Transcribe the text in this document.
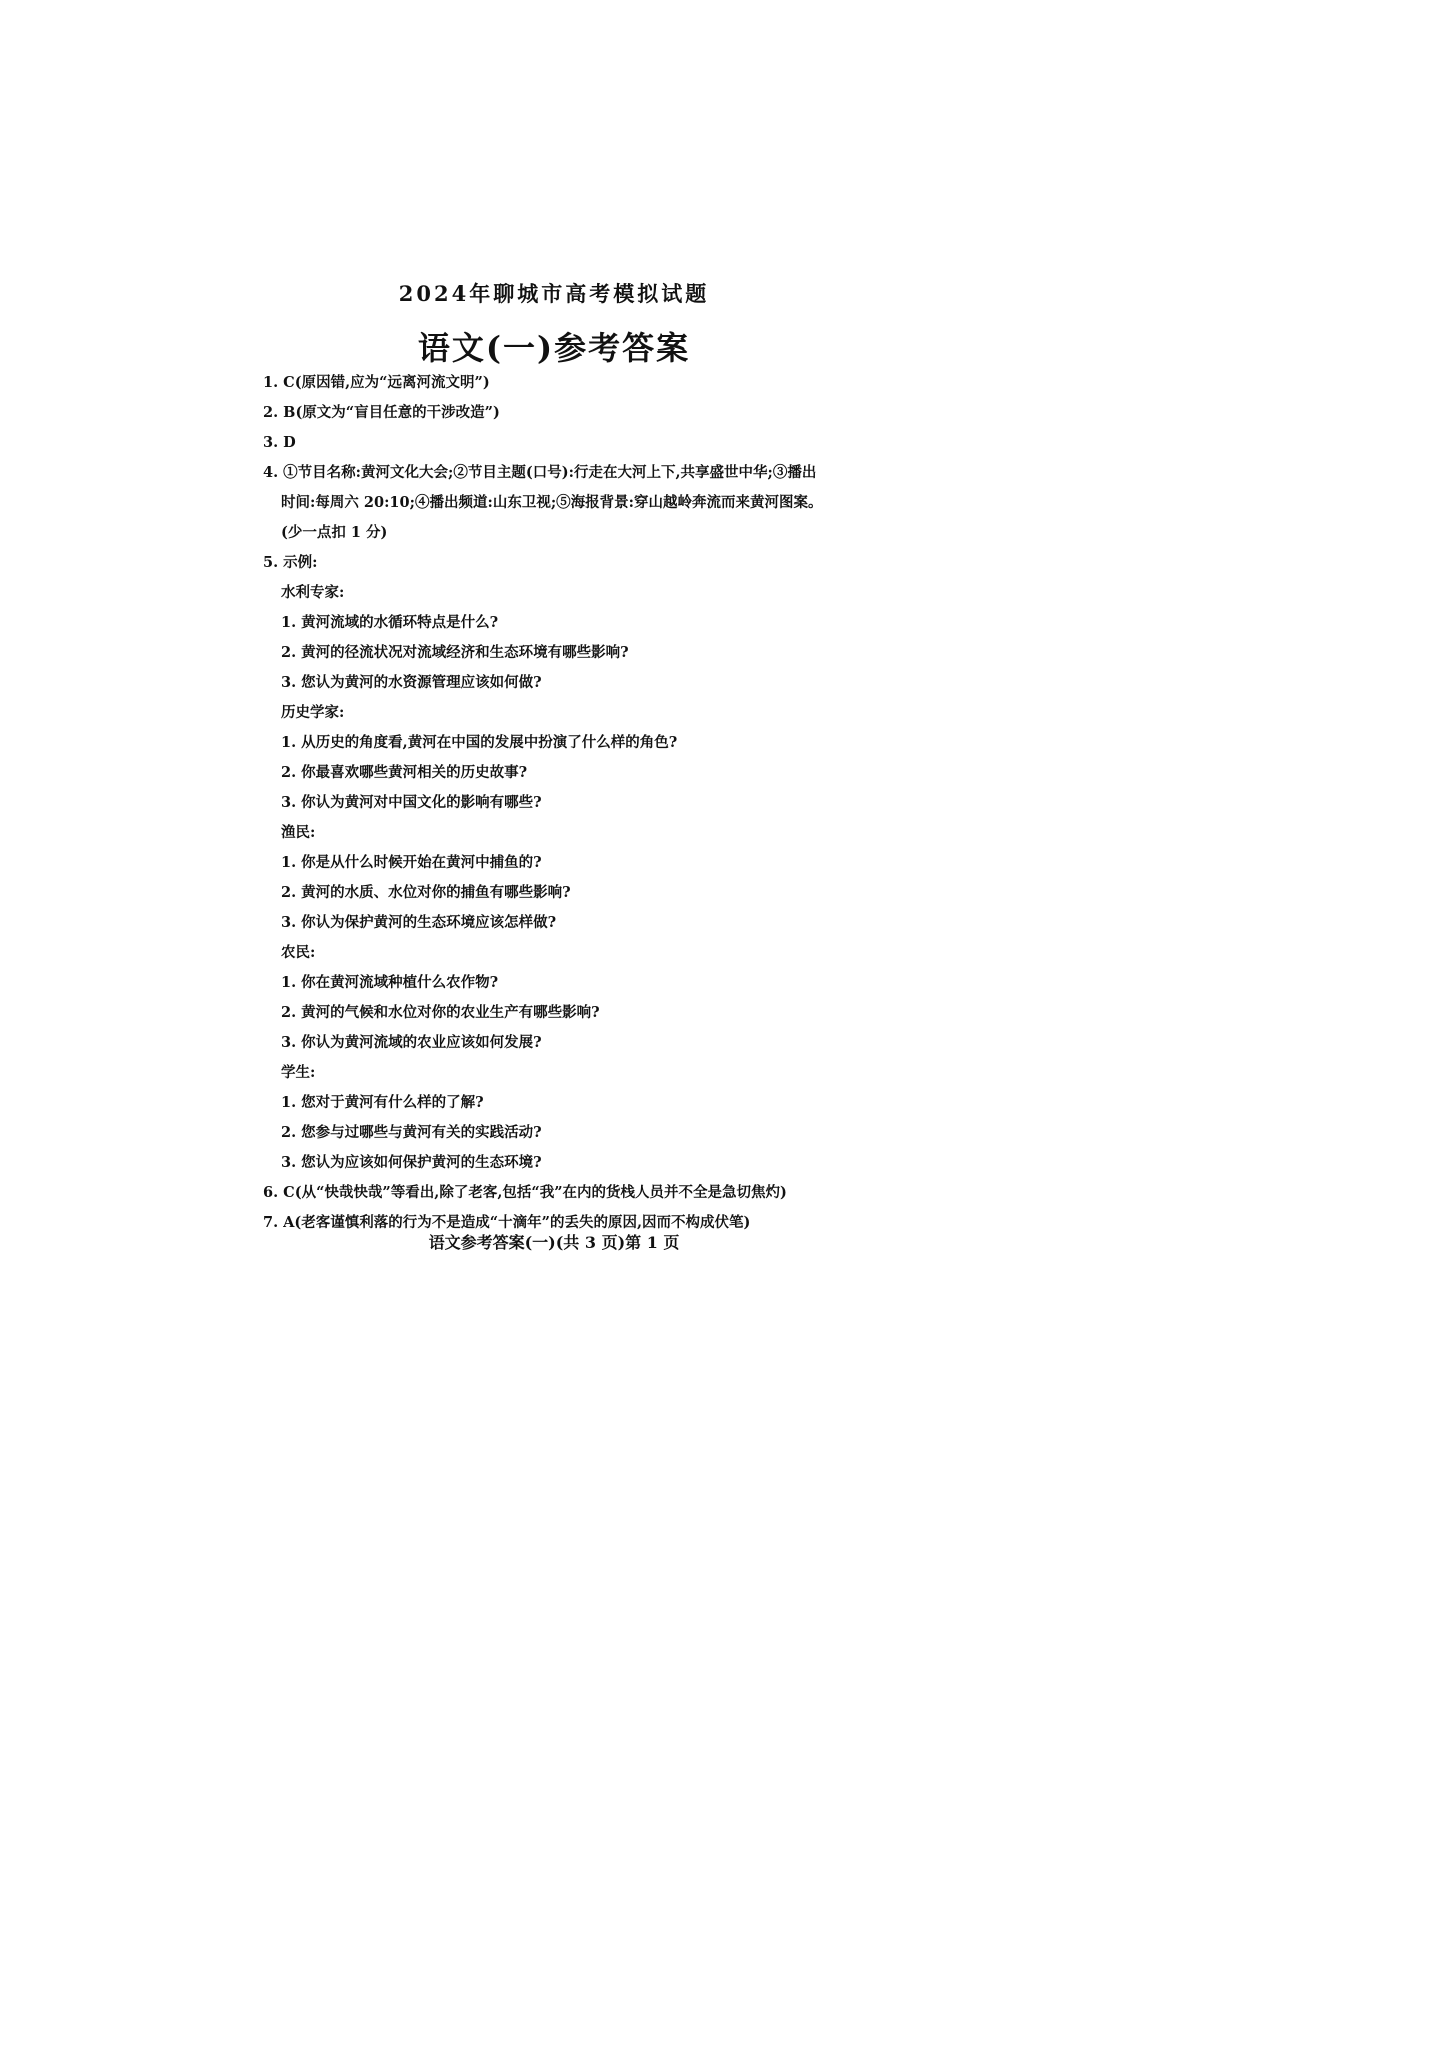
2024年聊城市高考模拟试题
语文(一)参考答案
1. C(原因错,应为“远离河流文明”)
2. B(原文为“盲目任意的干涉改造”)
3. D
4. ①节目名称:黄河文化大会;②节目主题(口号):行走在大河上下,共享盛世中华;③播出
时间:每周六 20:10;④播出频道:山东卫视;⑤海报背景:穿山越岭奔流而来黄河图案。
(少一点扣 1 分)
5. 示例:
水利专家:
1. 黄河流域的水循环特点是什么?
2. 黄河的径流状况对流域经济和生态环境有哪些影响?
3. 您认为黄河的水资源管理应该如何做?
历史学家:
1. 从历史的角度看,黄河在中国的发展中扮演了什么样的角色?
2. 你最喜欢哪些黄河相关的历史故事?
3. 你认为黄河对中国文化的影响有哪些?
渔民:
1. 你是从什么时候开始在黄河中捕鱼的?
2. 黄河的水质、水位对你的捕鱼有哪些影响?
3. 你认为保护黄河的生态环境应该怎样做?
农民:
1. 你在黄河流域种植什么农作物?
2. 黄河的气候和水位对你的农业生产有哪些影响?
3. 你认为黄河流域的农业应该如何发展?
学生:
1. 您对于黄河有什么样的了解?
2. 您参与过哪些与黄河有关的实践活动?
3. 您认为应该如何保护黄河的生态环境?
6. C(从“快哉快哉”等看出,除了老客,包括“我”在内的货栈人员并不全是急切焦灼)
7. A(老客谨慎利落的行为不是造成“十滴年”的丢失的原因,因而不构成伏笔)
语文参考答案(一)(共 3 页)第 1 页
